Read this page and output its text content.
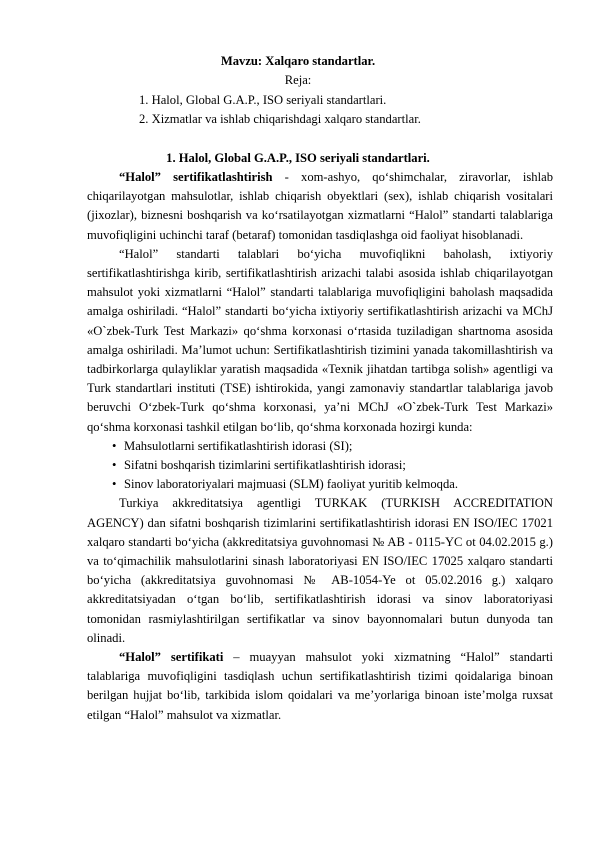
Mavzu: Xalqaro standartlar.
Reja:
1. Halol, Global G.A.P., ISO seriyali standartlari.
2. Xizmatlar va ishlab chiqarishdagi xalqaro standartlar.
1. Halol, Global G.A.P., ISO seriyali standartlari.

“Halol” sertifikatlashtirish - xom-ashyo, qo‘shimchalar, ziravorlar, ishlab chiqarilayotgan mahsulotlar, ishlab chiqarish obyektlari (sex), ishlab chiqarish vositalari (jixozlar), biznesni boshqarish va ko‘rsatilayotgan xizmatlarni “Halol” standarti talablariga muvofiqligini uchinchi taraf (betaraf) tomonidan tasdiqlashga oid faoliyat hisoblanadi.

“Halol” standarti talablari bo‘yicha muvofiqlikni baholash, ixtiyoriy sertifikatlashtirishga kirib, sertifikatlashtirish arizachi talabi asosida ishlab chiqarilayotgan mahsulot yoki xizmatlarni “Halol” standarti talablariga muvofiqligini baholash maqsadida amalga oshiriladi. “Halol” standarti bo‘yicha ixtiyoriy sertifikatlashtirish arizachi va MChJ «O`zbek-Turk Test Markazi» qo‘shma korxonasi o‘rtasida tuziladigan shartnoma asosida amalga oshiriladi. Ma’lumot uchun: Sertifikatlashtirish tizimini yanada takomillashtirish va tadbirkorlarga qulayliklar yaratish maqsadida «Texnik jihatdan tartibga solish» agentligi va Turk standartlari instituti (TSE) ishtirokida, yangi zamonaviy standartlar talablariga javob beruvchi O‘zbek-Turk qo‘shma korxonasi, ya’ni MChJ «O`zbek-Turk Test Markazi» qo‘shma korxonasi tashkil etilgan bo‘lib, qo‘shma korxonada hozirgi kunda:

• Mahsulotlarni sertifikatlashtirish idorasi (SI);
• Sifatni boshqarish tizimlarini sertifikatlashtirish idorasi;
• Sinov laboratoriyalari majmuasi (SLM) faoliyat yuritib kelmoqda.

Turkiya akkreditatsiya agentligi TURKAK (TURKISH ACCREDITATION AGENCY) dan sifatni boshqarish tizimlarini sertifikatlashtirish idorasi EN ISO/IEC 17021 xalqaro standarti bo‘yicha (akkreditatsiya guvohnomasi № AB - 0115-YC ot 04.02.2015 g.) va to‘qimachilik mahsulotlarini sinash laboratoriyasi EN ISO/IEC 17025 xalqaro standarti bo‘yicha (akkreditatsiya guvohnomasi № AB-1054-Ye ot 05.02.2016 g.) xalqaro akkreditatsiyadan o‘tgan bo‘lib, sertifikatlashtirish idorasi va sinov laboratoriyasi tomonidan rasmiylashtirilgan sertifikatlar va sinov bayonnomalari butun dunyoda tan olinadi.

“Halol” sertifikati – muayyan mahsulot yoki xizmatning “Halol” standarti talablariga muvofiqligini tasdiqlash uchun sertifikatlashtirish tizimi qoidalariga binoan berilgan hujjat bo‘lib, tarkibida islom qoidalari va me’yorlariga binoan iste’molga ruxsat etilgan “Halol” mahsulot va xizmatlar.
